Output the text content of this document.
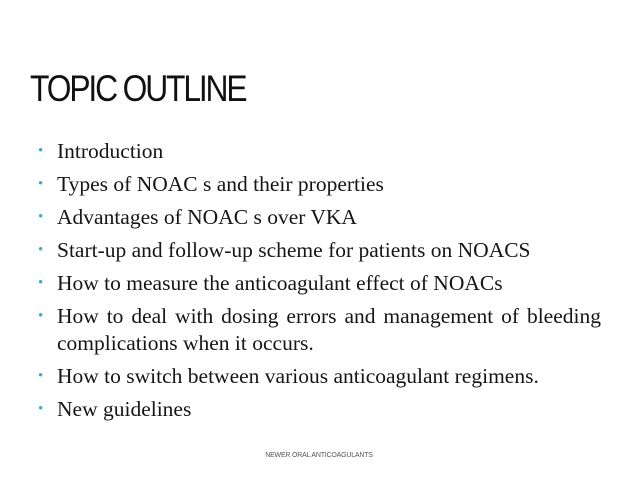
TOPIC OUTLINE
• Introduction
• Types of NOAC s and their properties
• Advantages of NOAC s over VKA
• Start-up and follow-up scheme for patients on NOACS
• How to measure the anticoagulant effect of NOACs
• How to deal with dosing errors and management of bleeding complications when it occurs.
• How to switch between various anticoagulant regimens.
• New guidelines
NEWER ORAL ANTICOAGULANTS
